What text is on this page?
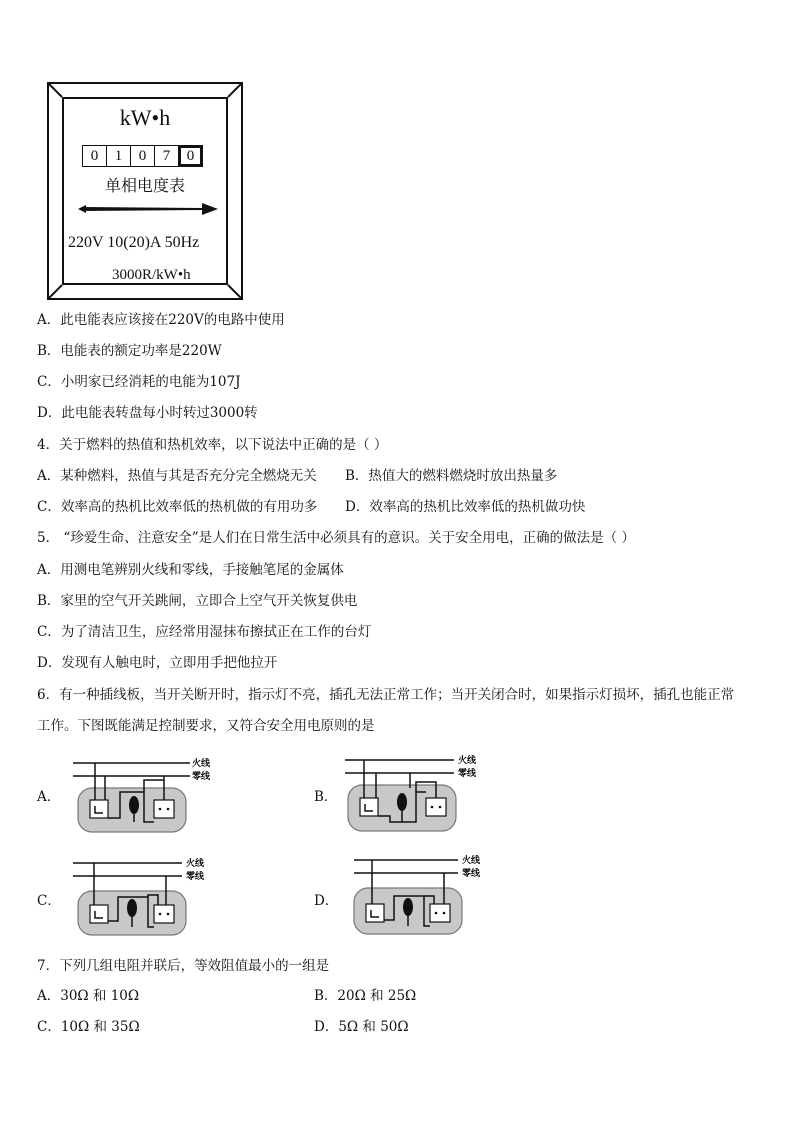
kW•h
0	1	0	7	0
单相电度表
220V 10(20)A 50Hz
3000R/kW•h
A．此电能表应该接在220V的电路中使用
B．电能表的额定功率是220W
C．小明家已经消耗的电能为107J
D．此电能表转盘每小时转过3000转
4．关于燃料的热值和热机效率，以下说法中正确的是（ ）
A．某种燃料，热值与其是否充分完全燃烧无关 B．热值大的燃料燃烧时放出热量多
C．效率高的热机比效率低的热机做的有用功多 D．效率高的热机比效率低的热机做功快
5． “珍爱生命、注意安全”是人们在日常生活中必须具有的意识。关于安全用电，正确的做法是（ ）
A．用测电笔辨别火线和零线，手接触笔尾的金属体
B．家里的空气开关跳闸，立即合上空气开关恢复供电
C．为了清洁卫生，应经常用湿抹布擦拭正在工作的台灯
D．发现有人触电时，立即用手把他拉开
6．有一种插线板，当开关断开时，指示灯不亮，插孔无法正常工作；当开关闭合时，如果指示灯损坏，插孔也能正常
工作。下图既能满足控制要求，又符合安全用电原则的是
A．	B．
C．	D．
火线
零线
火线
零线
火线
零线
火线
零线
7．下列几组电阻并联后，等效阻值最小的一组是
A．30Ω 和 10Ω	B．20Ω 和 25Ω
C．10Ω 和 35Ω	D．5Ω 和 50Ω
